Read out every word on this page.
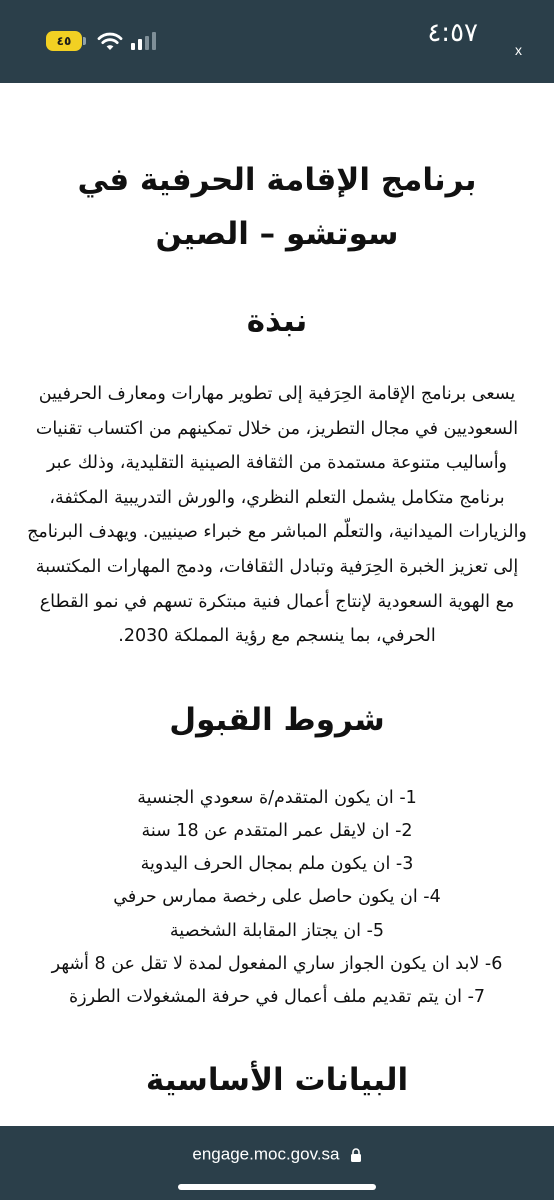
٤٥	٤:٥٧
x
برنامج الإقامة الحرفية في
سوتشو – الصين
نبذة

يسعى برنامج الإقامة الحِرَفية إلى تطوير مهارات ومعارف الحرفيين السعوديين في مجال التطريز، من خلال تمكينهم من اكتساب تقنيات وأساليب متنوعة مستمدة من الثقافة الصينية التقليدية، وذلك عبر برنامج متكامل يشمل التعلم النظري، والورش التدريبية المكثفة، والزيارات الميدانية، والتعلّم المباشر مع خبراء صينيين. ويهدف البرنامج إلى تعزيز الخبرة الحِرَفية وتبادل الثقافات، ودمج المهارات المكتسبة مع الهوية السعودية لإنتاج أعمال فنية مبتكرة تسهم في نمو القطاع الحرفي، بما ينسجم مع رؤية المملكة 2030.

شروط القبول
1- ان يكون المتقدم/ة سعودي الجنسية
2- ان لايقل عمر المتقدم عن 18 سنة
3- ان يكون ملم بمجال الحرف اليدوية
4- ان يكون حاصل على رخصة ممارس حرفي
5- ان يجتاز المقابلة الشخصية
6- لابد ان يكون الجواز ساري المفعول لمدة لا تقل عن 8 أشهر
7- ان يتم تقديم ملف أعمال في حرفة المشغولات الطرزة
البيانات الأساسية
engage.moc.gov.sa
